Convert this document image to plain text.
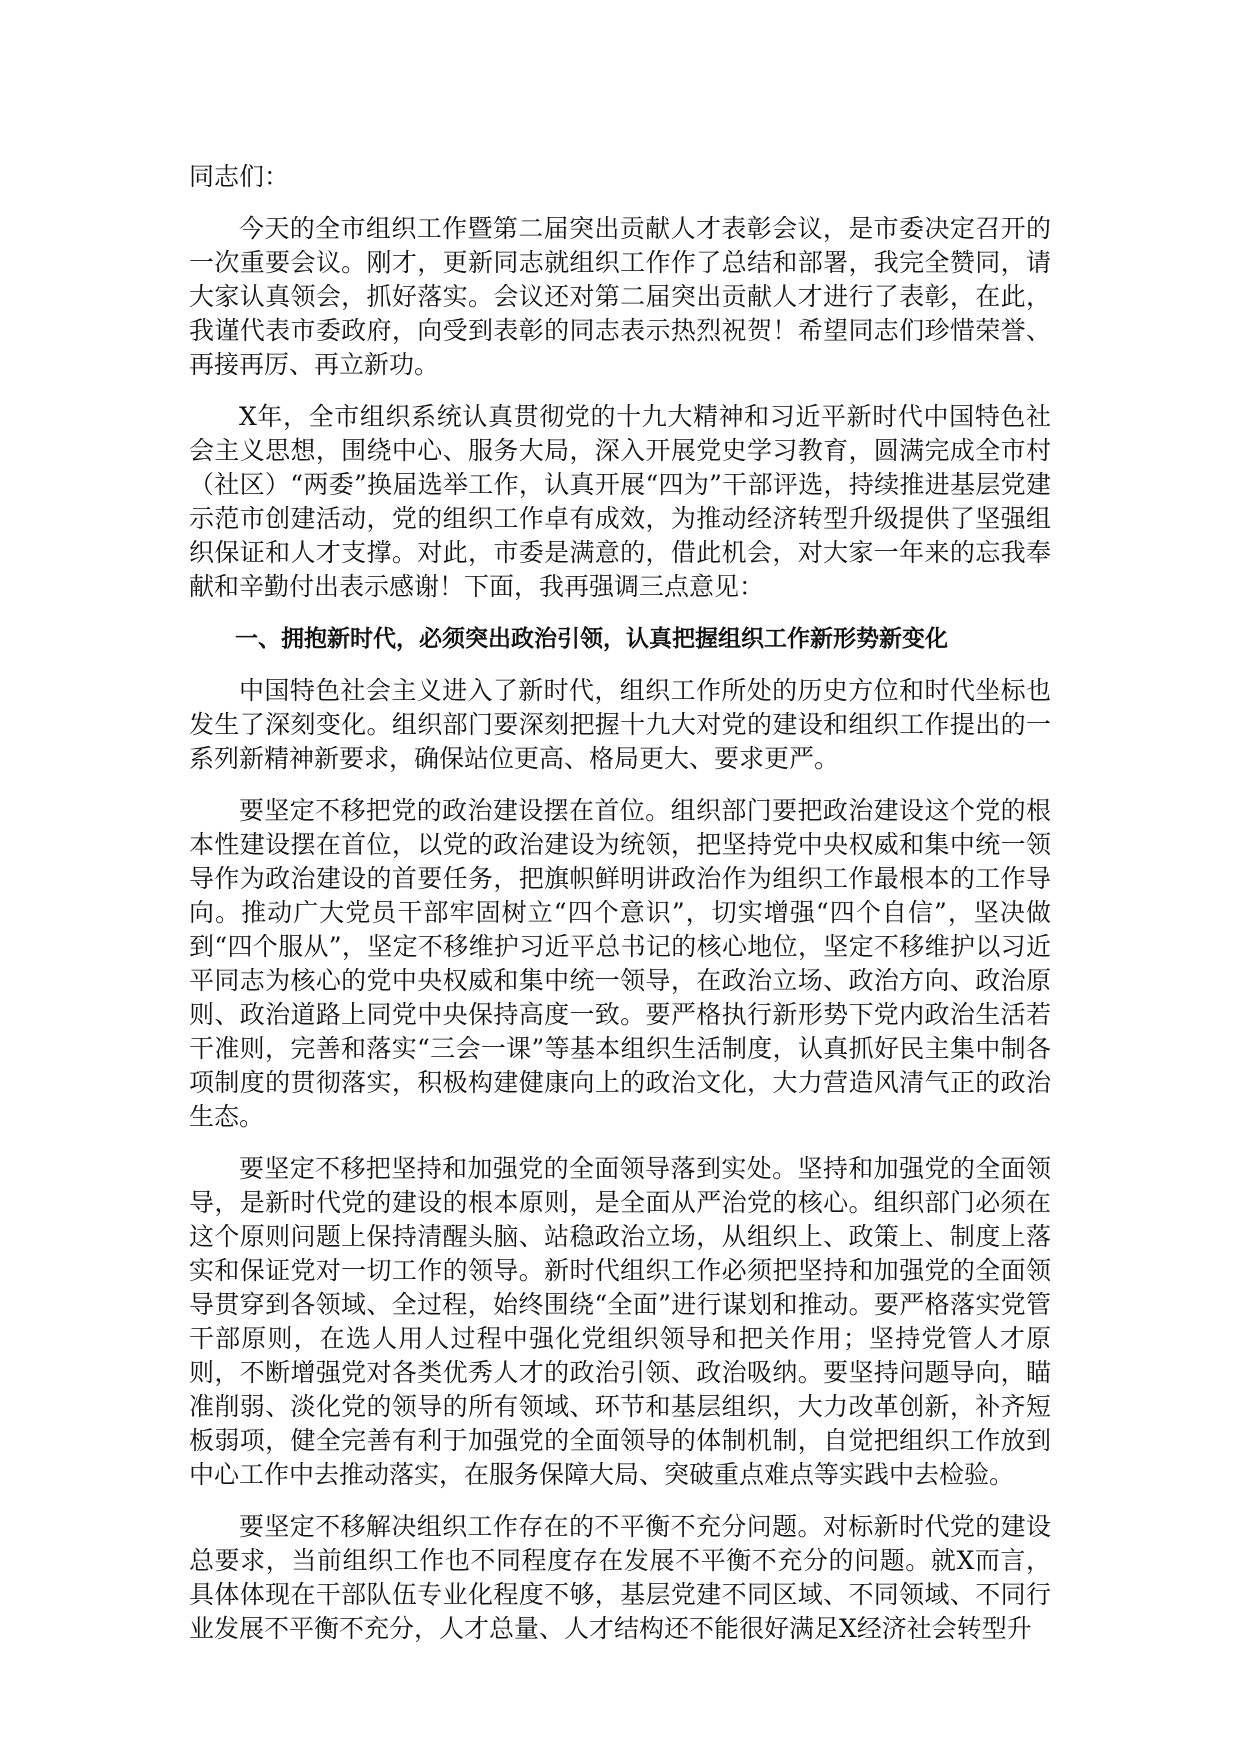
同志们：

今天的全市组织工作暨第二届突出贡献人才表彰会议，是市委决定召开的一次重要会议。刚才，更新同志就组织工作作了总结和部署，我完全赞同，请大家认真领会，抓好落实。会议还对第二届突出贡献人才进行了表彰，在此，我谨代表市委政府，向受到表彰的同志表示热烈祝贺！希望同志们珍惜荣誉、再接再厉、再立新功。

X年，全市组织系统认真贯彻党的十九大精神和习近平新时代中国特色社会主义思想，围绕中心、服务大局，深入开展党史学习教育，圆满完成全市村（社区）“两委”换届选举工作，认真开展“四为”干部评选，持续推进基层党建示范市创建活动，党的组织工作卓有成效，为推动经济转型升级提供了坚强组织保证和人才支撑。对此，市委是满意的，借此机会，对大家一年来的忘我奉献和辛勤付出表示感谢！下面，我再强调三点意见：

一、拥抱新时代，必须突出政治引领，认真把握组织工作新形势新变化

中国特色社会主义进入了新时代，组织工作所处的历史方位和时代坐标也发生了深刻变化。组织部门要深刻把握十九大对党的建设和组织工作提出的一系列新精神新要求，确保站位更高、格局更大、要求更严。

要坚定不移把党的政治建设摆在首位。组织部门要把政治建设这个党的根本性建设摆在首位，以党的政治建设为统领，把坚持党中央权威和集中统一领导作为政治建设的首要任务，把旗帜鲜明讲政治作为组织工作最根本的工作导向。推动广大党员干部牢固树立“四个意识”，切实增强“四个自信”，坚决做到“四个服从”，坚定不移维护习近平总书记的核心地位，坚定不移维护以习近平同志为核心的党中央权威和集中统一领导，在政治立场、政治方向、政治原则、政治道路上同党中央保持高度一致。要严格执行新形势下党内政治生活若干准则，完善和落实“三会一课”等基本组织生活制度，认真抓好民主集中制各项制度的贯彻落实，积极构建健康向上的政治文化，大力营造风清气正的政治生态。

要坚定不移把坚持和加强党的全面领导落到实处。坚持和加强党的全面领导，是新时代党的建设的根本原则，是全面从严治党的核心。组织部门必须在这个原则问题上保持清醒头脑、站稳政治立场，从组织上、政策上、制度上落实和保证党对一切工作的领导。新时代组织工作必须把坚持和加强党的全面领导贯穿到各领域、全过程，始终围绕“全面”进行谋划和推动。要严格落实党管干部原则，在选人用人过程中强化党组织领导和把关作用；坚持党管人才原则，不断增强党对各类优秀人才的政治引领、政治吸纳。要坚持问题导向，瞄准削弱、淡化党的领导的所有领域、环节和基层组织，大力改革创新，补齐短板弱项，健全完善有利于加强党的全面领导的体制机制，自觉把组织工作放到中心工作中去推动落实，在服务保障大局、突破重点难点等实践中去检验。

要坚定不移解决组织工作存在的不平衡不充分问题。对标新时代党的建设总要求，当前组织工作也不同程度存在发展不平衡不充分的问题。就X而言，具体体现在干部队伍专业化程度不够，基层党建不同区域、不同领域、不同行业发展不平衡不充分，人才总量、人才结构还不能很好满足X经济社会转型升
